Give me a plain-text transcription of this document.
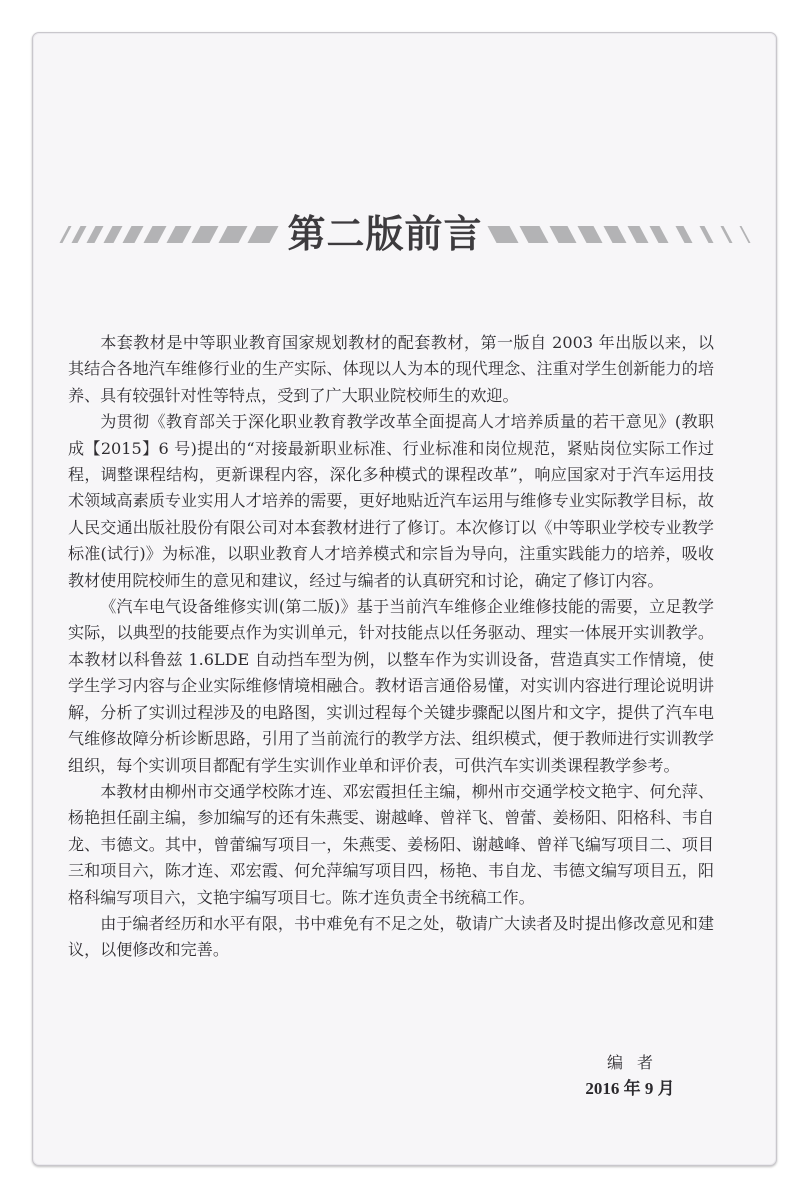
第二版前言

本套教材是中等职业教育国家规划教材的配套教材，第一版自 2003 年出版以来，以其结合各地汽车维修行业的生产实际、体现以人为本的现代理念、注重对学生创新能力的培养、具有较强针对性等特点，受到了广大职业院校师生的欢迎。

为贯彻《教育部关于深化职业教育教学改革全面提高人才培养质量的若干意见》(教职成【2015】6 号)提出的“对接最新职业标准、行业标准和岗位规范，紧贴岗位实际工作过程，调整课程结构，更新课程内容，深化多种模式的课程改革”，响应国家对于汽车运用技术领域高素质专业实用人才培养的需要，更好地贴近汽车运用与维修专业实际教学目标，故人民交通出版社股份有限公司对本套教材进行了修订。本次修订以《中等职业学校专业教学标准(试行)》为标准，以职业教育人才培养模式和宗旨为导向，注重实践能力的培养，吸收教材使用院校师生的意见和建议，经过与编者的认真研究和讨论，确定了修订内容。

《汽车电气设备维修实训(第二版)》基于当前汽车维修企业维修技能的需要，立足教学实际，以典型的技能要点作为实训单元，针对技能点以任务驱动、理实一体展开实训教学。本教材以科鲁兹 1.6LDE 自动挡车型为例，以整车作为实训设备，营造真实工作情境，使学生学习内容与企业实际维修情境相融合。教材语言通俗易懂，对实训内容进行理论说明讲解，分析了实训过程涉及的电路图，实训过程每个关键步骤配以图片和文字，提供了汽车电气维修故障分析诊断思路，引用了当前流行的教学方法、组织模式，便于教师进行实训教学组织，每个实训项目都配有学生实训作业单和评价表，可供汽车实训类课程教学参考。

本教材由柳州市交通学校陈才连、邓宏霞担任主编，柳州市交通学校文艳宇、何允萍、杨艳担任副主编，参加编写的还有朱燕雯、谢越峰、曾祥飞、曾蕾、姜杨阳、阳格科、韦自龙、韦德文。其中，曾蕾编写项目一，朱燕雯、姜杨阳、谢越峰、曾祥飞编写项目二、项目三和项目六，陈才连、邓宏霞、何允萍编写项目四，杨艳、韦自龙、韦德文编写项目五，阳格科编写项目六，文艳宇编写项目七。陈才连负责全书统稿工作。

由于编者经历和水平有限，书中难免有不足之处，敬请广大读者及时提出修改意见和建议，以便修改和完善。

编者
2016 年 9 月
